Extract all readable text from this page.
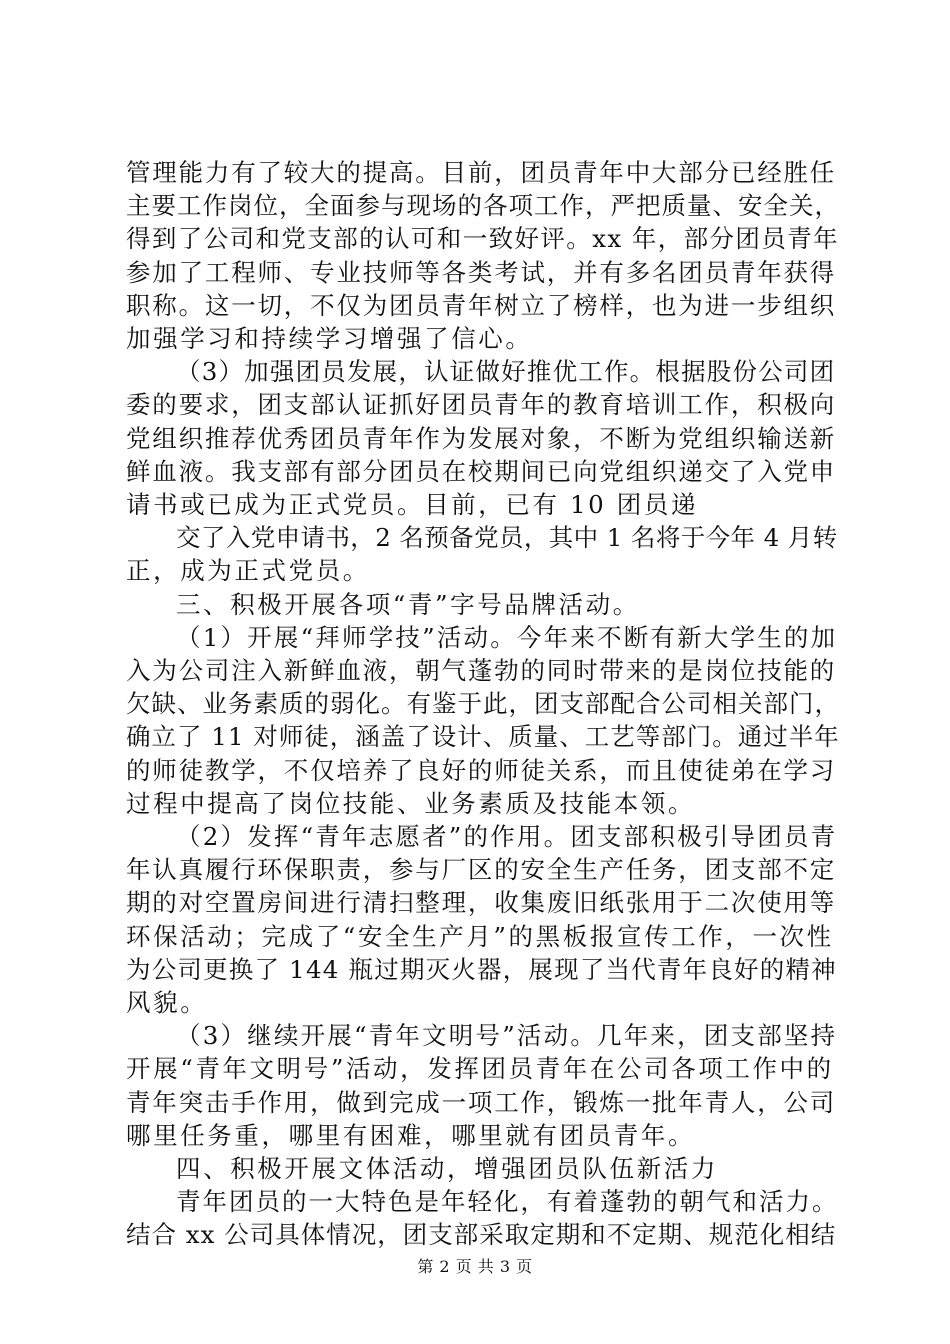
管理能力有了较大的提高。目前，团员青年中大部分已经胜任
主要工作岗位，全面参与现场的各项工作，严把质量、安全关，
得到了公司和党支部的认可和一致好评。xx 年，部分团员青年
参加了工程师、专业技师等各类考试，并有多名团员青年获得
职称。这一切，不仅为团员青年树立了榜样，也为进一步组织
加强学习和持续学习增强了信心。
（3）加强团员发展，认证做好推优工作。根据股份公司团
委的要求，团支部认证抓好团员青年的教育培训工作，积极向
党组织推荐优秀团员青年作为发展对象，不断为党组织输送新
鲜血液。我支部有部分团员在校期间已向党组织递交了入党申
请书或已成为正式党员。目前，已有 10 团员递
交了入党申请书，2 名预备党员，其中 1 名将于今年 4 月转
正，成为正式党员。
三、积极开展各项“青”字号品牌活动。
（1）开展“拜师学技”活动。今年来不断有新大学生的加
入为公司注入新鲜血液，朝气蓬勃的同时带来的是岗位技能的
欠缺、业务素质的弱化。有鉴于此，团支部配合公司相关部门，
确立了 11 对师徒，涵盖了设计、质量、工艺等部门。通过半年
的师徒教学，不仅培养了良好的师徒关系，而且使徒弟在学习
过程中提高了岗位技能、业务素质及技能本领。
（2）发挥“青年志愿者”的作用。团支部积极引导团员青
年认真履行环保职责，参与厂区的安全生产任务，团支部不定
期的对空置房间进行清扫整理，收集废旧纸张用于二次使用等
环保活动；完成了“安全生产月”的黑板报宣传工作，一次性
为公司更换了 144 瓶过期灭火器，展现了当代青年良好的精神
风貌。
（3）继续开展“青年文明号”活动。几年来，团支部坚持
开展“青年文明号”活动，发挥团员青年在公司各项工作中的
青年突击手作用，做到完成一项工作，锻炼一批年青人，公司
哪里任务重，哪里有困难，哪里就有团员青年。
四、积极开展文体活动，增强团员队伍新活力
青年团员的一大特色是年轻化，有着蓬勃的朝气和活力。
结合 xx 公司具体情况，团支部采取定期和不定期、规范化相结
第 2 页 共 3 页
